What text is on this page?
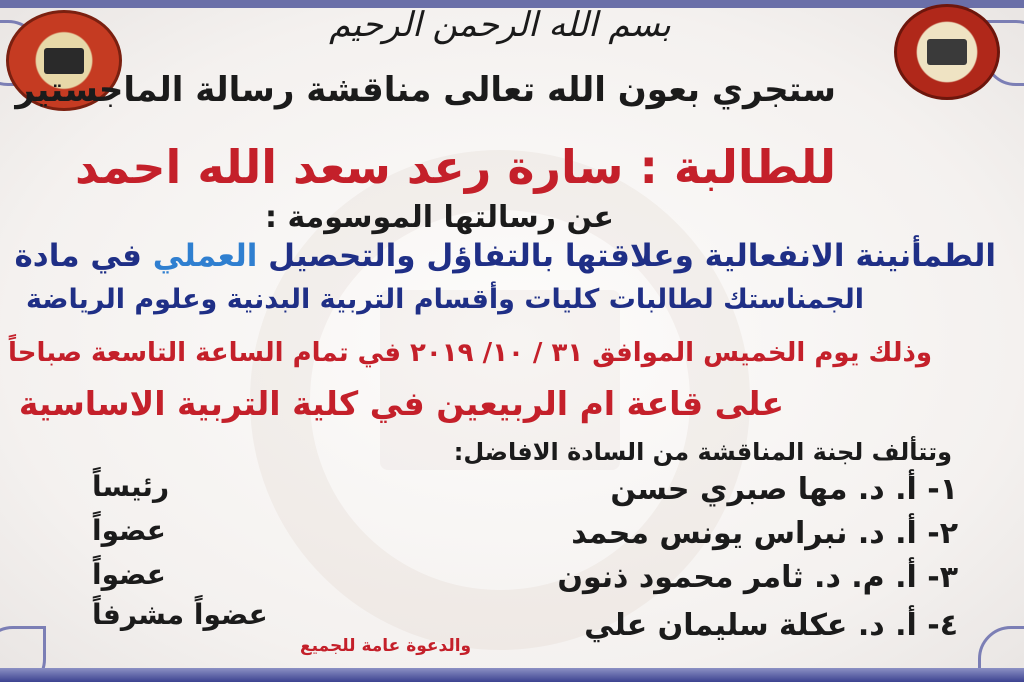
بسم الله الرحمن الرحيم
ستجري بعون الله تعالى مناقشة رسالة الماجستير
للطالبة : سارة رعد سعد الله احمد
عن رسالتها الموسومة :
الطمأنينة الانفعالية وعلاقتها بالتفاؤل والتحصيل العملي في مادة
الجمناستك لطالبات كليات وأقسام التربية البدنية وعلوم الرياضة
وذلك يوم الخميس الموافق ٣١ / ١٠/ ٢٠١٩ في تمام الساعة التاسعة صباحاً
على قاعة ام الربيعين في كلية التربية الاساسية
وتتألف لجنة المناقشة من السادة الافاضل:
١- أ. د. مها صبري حسن
رئيساً
٢- أ. د. نبراس يونس محمد
عضواً
٣- أ. م. د. ثامر محمود ذنون
عضواً
٤- أ. د. عكلة سليمان علي
عضواً مشرفاً
والدعوة عامة للجميع
